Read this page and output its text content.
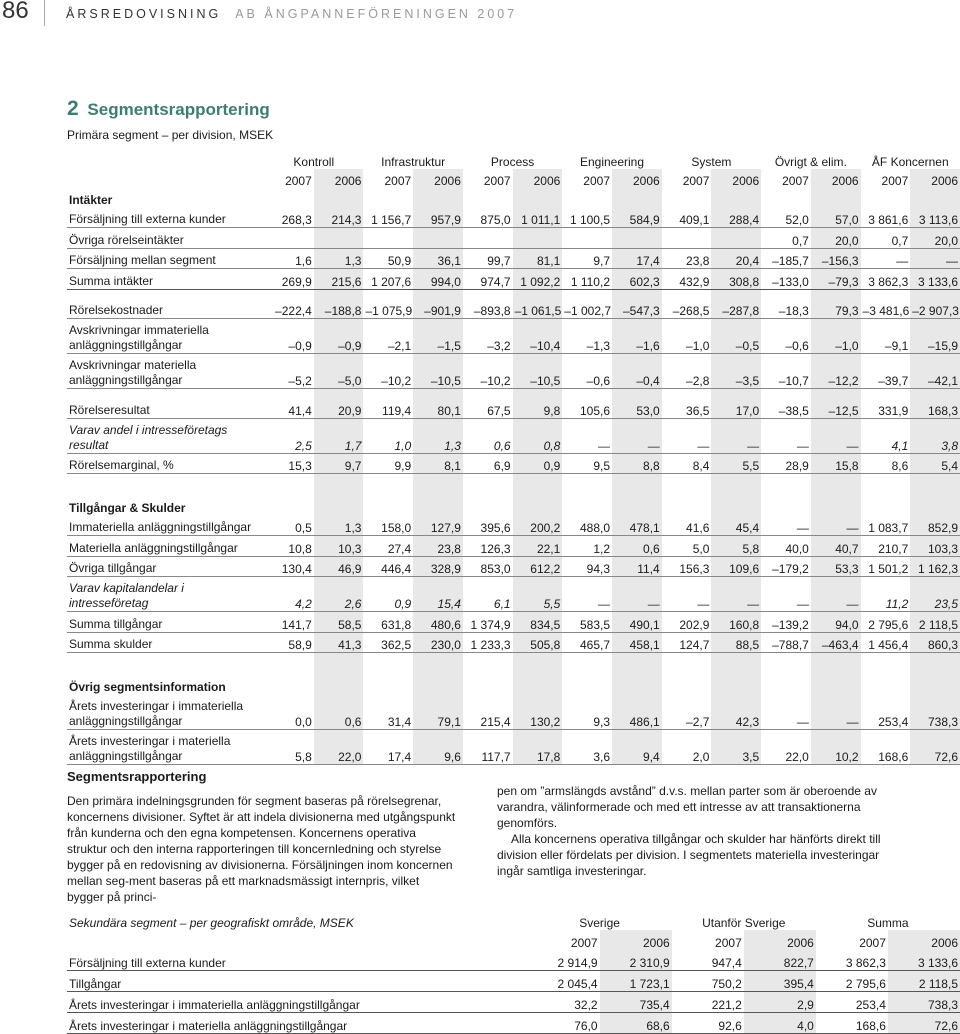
86	ÅRSREDOVISNING AB ÅNGPANNEFÖRENINGEN 2007
2 Segmentsrapportering
Primära segment – per division, MSEK
	Kontroll		Infrastruktur		Process		Engineering		System		Övrigt & elim.		ÅF Koncernen	
	2007	2006	2007	2006	2007	2006	2007	2006	2007	2006	2007	2006	2007	2006
Intäkter														
Försäljning till externa kunder	268,3	214,3	1 156,7	957,9	875,0	1 011,1	1 100,5	584,9	409,1	288,4	52,0	57,0	3 861,6	3 113,6
Övriga rörelseintäkter											0,7	20,0	0,7	20,0
Försäljning mellan segment	1,6	1,3	50,9	36,1	99,7	81,1	9,7	17,4	23,8	20,4	–185,7	–156,3	—	—
Summa intäkter	269,9	215,6	1 207,6	994,0	974,7	1 092,2	1 110,2	602,3	432,9	308,8	–133,0	–79,3	3 862,3	3 133,6

Rörelsekostnader	–222,4	–188,8	–1 075,9	–901,9	–893,8	–1 061,5	–1 002,7	–547,3	–268,5	–287,8	–18,3	79,3	–3 481,6	–2 907,3
Avskrivningar immateriella anläggningstillgångar	–0,9	–0,9	–2,1	–1,5	–3,2	–10,4	–1,3	–1,6	–1,0	–0,5	–0,6	–1,0	–9,1	–15,9
Avskrivningar materiella anläggningstillgångar	–5,2	–5,0	–10,2	–10,5	–10,2	–10,5	–0,6	–0,4	–2,8	–3,5	–10,7	–12,2	–39,7	–42,1

Rörelseresultat	41,4	20,9	119,4	80,1	67,5	9,8	105,6	53,0	36,5	17,0	–38,5	–12,5	331,9	168,3
Varav andel i intresseföretags resultat	2,5	1,7	1,0	1,3	0,6	0,8	—	—	—	—	—	—	4,1	3,8
Rörelsemarginal, %	15,3	9,7	9,9	8,1	6,9	0,9	9,5	8,8	8,4	5,5	28,9	15,8	8,6	5,4

Tillgångar & Skulder														
Immateriella anläggningstillgångar	0,5	1,3	158,0	127,9	395,6	200,2	488,0	478,1	41,6	45,4	—	—	1 083,7	852,9
Materiella anläggningstillgångar	10,8	10,3	27,4	23,8	126,3	22,1	1,2	0,6	5,0	5,8	40,0	40,7	210,7	103,3
Övriga tillgångar	130,4	46,9	446,4	328,9	853,0	612,2	94,3	11,4	156,3	109,6	–179,2	53,3	1 501,2	1 162,3
Varav kapitalandelar i intresseföretag	4,2	2,6	0,9	15,4	6,1	5,5	—	—	—	—	—	—	11,2	23,5
Summa tillgångar	141,7	58,5	631,8	480,6	1 374,9	834,5	583,5	490,1	202,9	160,8	–139,2	94,0	2 795,6	2 118,5
Summa skulder	58,9	41,3	362,5	230,0	1 233,3	505,8	465,7	458,1	124,7	88,5	–788,7	–463,4	1 456,4	860,3

Övrig segmentsinformation														
Årets investeringar i immateriella anläggningstillgångar	0,0	0,6	31,4	79,1	215,4	130,2	9,3	486,1	–2,7	42,3	—	—	253,4	738,3
Årets investeringar i materiella anläggningstillgångar	5,8	22,0	17,4	9,6	117,7	17,8	3,6	9,4	2,0	3,5	22,0	10,2	168,6	72,6
Segmentsrapportering

Den primära indelningsgrunden för segment baseras på rörelsegrenar, koncernens divisioner. Syftet är att indela divisionerna med utgångspunkt från kunderna och den egna kompetensen. Koncernens operativa struktur och den interna rapporteringen till koncernledning och styrelse bygger på en redovisning av divisionerna. Försäljningen inom koncernen mellan seg-ment baseras på ett marknadsmässigt internpris, vilket bygger på princi-

pen om ”armslängds avstånd” d.v.s. mellan parter som är oberoende av varandra, välinformerade och med ett intresse av att transaktionerna genomförs.

Alla koncernens operativa tillgångar och skulder har hänförts direkt till division eller fördelats per division. I segmentets materiella investeringar ingår samtliga investeringar.

Sekundära segment – per geografiskt område, MSEK	Sverige		Utanför Sverige		Summa	
	2007	2006	2007	2006	2007	2006
Försäljning till externa kunder	2 914,9	2 310,9	947,4	822,7	3 862,3	3 133,6
Tillgångar	2 045,4	1 723,1	750,2	395,4	2 795,6	2 118,5
Årets investeringar i immateriella anläggningstillgångar	32,2	735,4	221,2	2,9	253,4	738,3
Årets investeringar i materiella anläggningstillgångar	76,0	68,6	92,6	4,0	168,6	72,6
